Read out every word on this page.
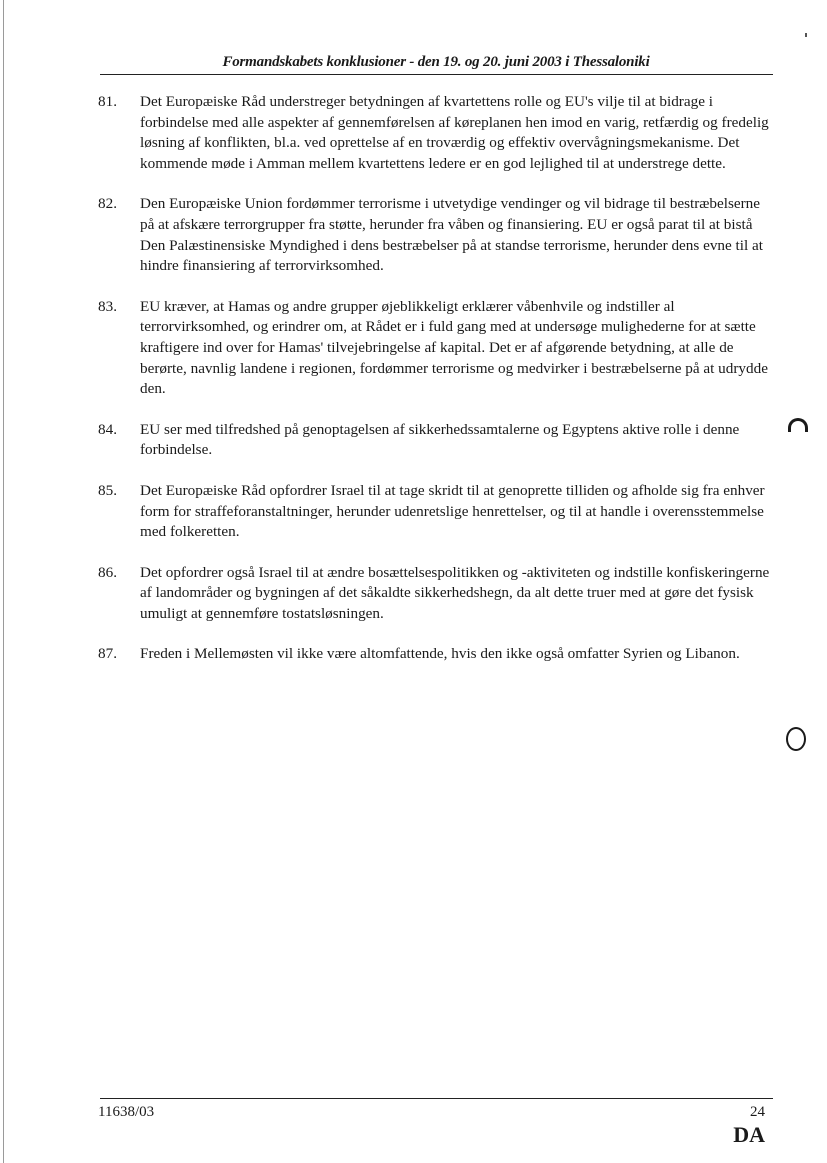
Formandskabets konklusioner - den 19. og 20. juni 2003 i Thessaloniki
81.	Det Europæiske Råd understreger betydningen af kvartettens rolle og EU's vilje til at bidrage i forbindelse med alle aspekter af gennemførelsen af køreplanen hen imod en varig, retfærdig og fredelig løsning af konflikten, bl.a. ved oprettelse af en troværdig og effektiv overvågningsmekanisme. Det kommende møde i Amman mellem kvartettens ledere er en god lejlighed til at understrege dette.
82.	Den Europæiske Union fordømmer terrorisme i utvetydige vendinger og vil bidrage til bestræbelserne på at afskære terrorgrupper fra støtte, herunder fra våben og finansiering. EU er også parat til at bistå Den Palæstinensiske Myndighed i dens bestræbelser på at standse terrorisme, herunder dens evne til at hindre finansiering af terrorvirksomhed.
83.	EU kræver, at Hamas og andre grupper øjeblikkeligt erklærer våbenhvile og indstiller al terrorvirksomhed, og erindrer om, at Rådet er i fuld gang med at undersøge mulighederne for at sætte kraftigere ind over for Hamas' tilvejebringelse af kapital. Det er af afgørende betydning, at alle de berørte, navnlig landene i regionen, fordømmer terrorisme og medvirker i bestræbelserne på at udrydde den.
84.	EU ser med tilfredshed på genoptagelsen af sikkerhedssamtalerne og Egyptens aktive rolle i denne forbindelse.
85.	Det Europæiske Råd opfordrer Israel til at tage skridt til at genoprette tilliden og afholde sig fra enhver form for straffeforanstaltninger, herunder udenretslige henrettelser, og til at handle i overensstemmelse med folkeretten.
86.	Det opfordrer også Israel til at ændre bosættelsespolitikken og -aktiviteten og indstille konfiskeringerne af landområder og bygningen af det såkaldte sikkerhedshegn, da alt dette truer med at gøre det fysisk umuligt at gennemføre tostatsløsningen.
87.	Freden i Mellemøsten vil ikke være altomfattende, hvis den ikke også omfatter Syrien og Libanon.
11638/03	24
DA
